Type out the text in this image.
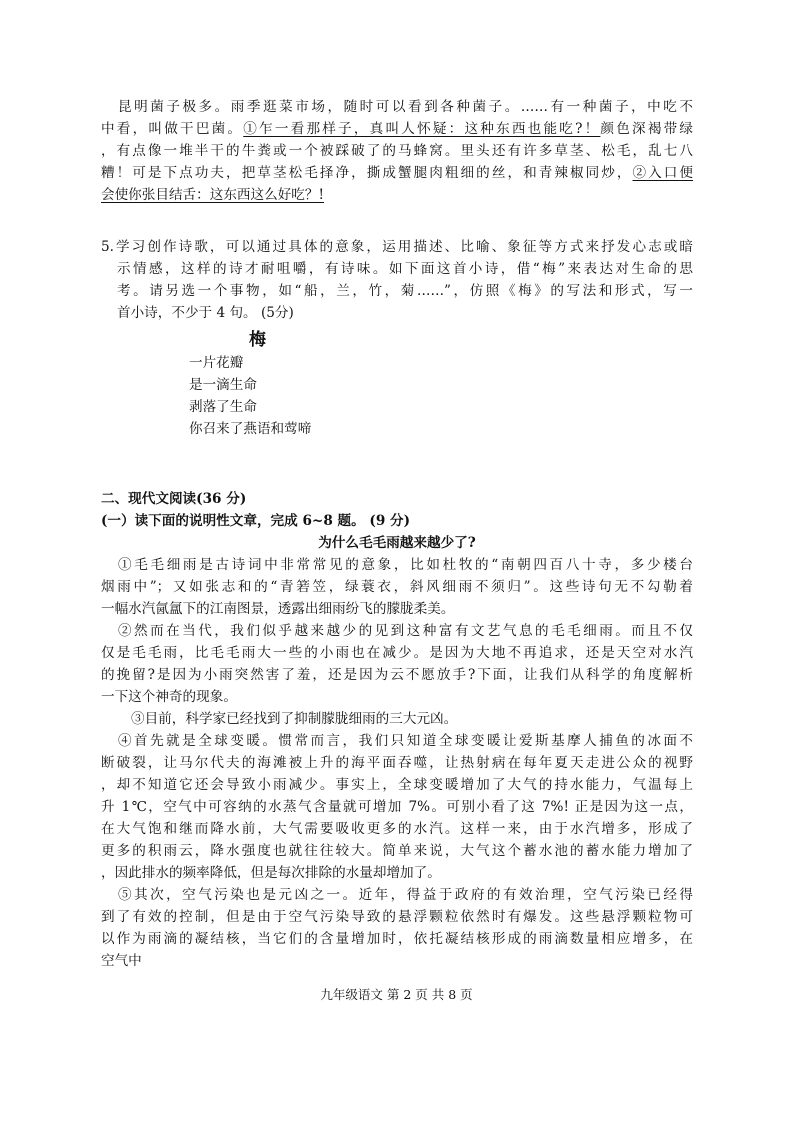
昆明菌子极多。雨季逛菜市场，随时可以看到各种菌子。……有一种菌子，中吃不
中看，叫做干巴菌。①乍一看那样子，真叫人怀疑：这种东西也能吃?！颜色深褐带绿
，有点像一堆半干的牛粪或一个被踩破了的马蜂窝。里头还有许多草茎、松毛，乱七八
糟！可是下点功夫，把草茎松毛择净，撕成蟹腿肉粗细的丝，和青辣椒同炒，②入口便
会使你张目结舌：这东西这么好吃？!
5.学习创作诗歌，可以通过具体的意象，运用描述、比喻、象征等方式来抒发心志或暗
示情感，这样的诗才耐咀嚼，有诗味。如下面这首小诗，借“梅”来表达对生命的思
考。请另选一个事物，如“船，兰，竹，菊……”，仿照《梅》的写法和形式，写一
首小诗，不少于 4 句。 (5分)
梅
一片花瓣
是一滴生命
剥落了生命
你召来了燕语和莺啼
二、现代文阅读(36 分)
(一）读下面的说明性文章，完成 6~8 题。 (9 分)
为什么毛毛雨越来越少了?
①毛毛细雨是古诗词中非常常见的意象，比如杜牧的“南朝四百八十寺，多少楼台
烟雨中”；又如张志和的“青箬笠，绿蓑衣，斜风细雨不须归”。这些诗句无不勾勒着
一幅水汽氤氲下的江南图景，透露出细雨纷飞的朦胧柔美。
②然而在当代，我们似乎越来越少的见到这种富有文艺气息的毛毛细雨。而且不仅
仅是毛毛雨，比毛毛雨大一些的小雨也在减少。是因为大地不再追求，还是天空对水汽
的挽留?是因为小雨突然害了羞，还是因为云不愿放手?下面，让我们从科学的角度解析
一下这个神奇的现象。
③目前，科学家已经找到了抑制朦胧细雨的三大元凶。
④首先就是全球变暖。惯常而言，我们只知道全球变暖让爱斯基摩人捕鱼的冰面不
断破裂，让马尔代夫的海滩被上升的海平面吞噬，让热射病在每年夏天走进公众的视野
，却不知道它还会导致小雨减少。事实上，全球变暖增加了大气的持水能力，气温每上
升 1℃，空气中可容纳的水蒸气含量就可增加 7%。可别小看了这 7%! 正是因为这一点，
在大气饱和继而降水前，大气需要吸收更多的水汽。这样一来，由于水汽增多，形成了
更多的积雨云，降水强度也就往往较大。简单来说，大气这个蓄水池的蓄水能力增加了
，因此排水的频率降低，但是每次排除的水量却增加了。
⑤其次，空气污染也是元凶之一。近年，得益于政府的有效治理，空气污染已经得
到了有效的控制，但是由于空气污染导致的悬浮颗粒依然时有爆发。这些悬浮颗粒物可
以作为雨滴的凝结核，当它们的含量增加时，依托凝结核形成的雨滴数量相应增多，在
空气中
九年级语文 第 2 页 共 8 页
